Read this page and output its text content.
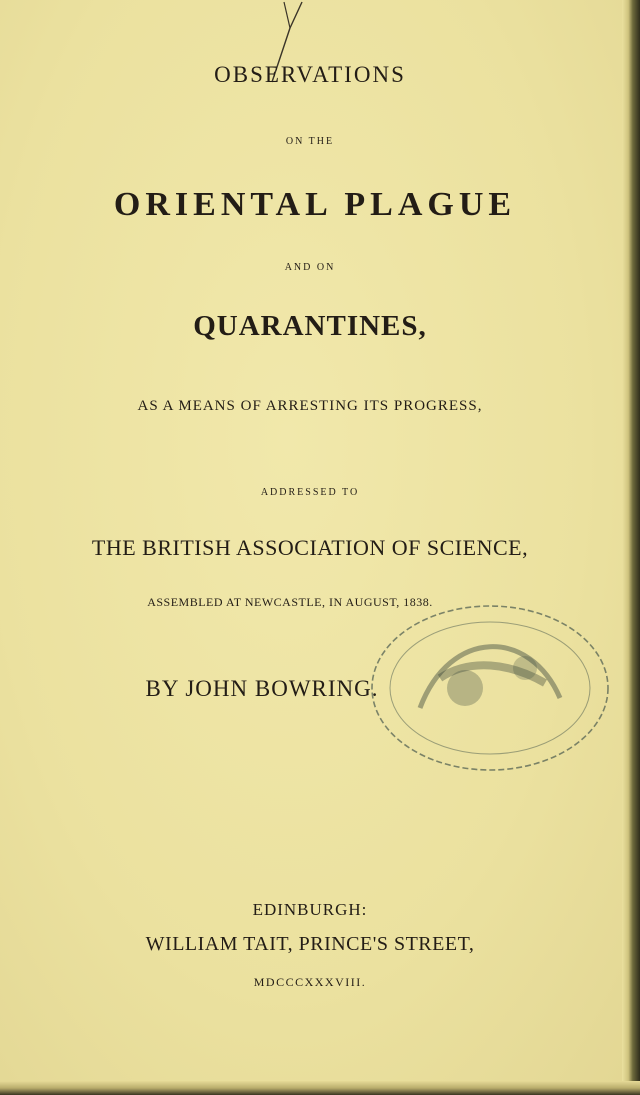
OBSERVATIONS
ON THE
ORIENTAL PLAGUE
AND ON
QUARANTINES,
AS A MEANS OF ARRESTING ITS PROGRESS,
ADDRESSED TO
THE BRITISH ASSOCIATION OF SCIENCE,
ASSEMBLED AT NEWCASTLE, IN AUGUST, 1838.
BY JOHN BOWRING.
EDINBURGH:
WILLIAM TAIT, PRINCE'S STREET,
MDCCCXXXVIII.
